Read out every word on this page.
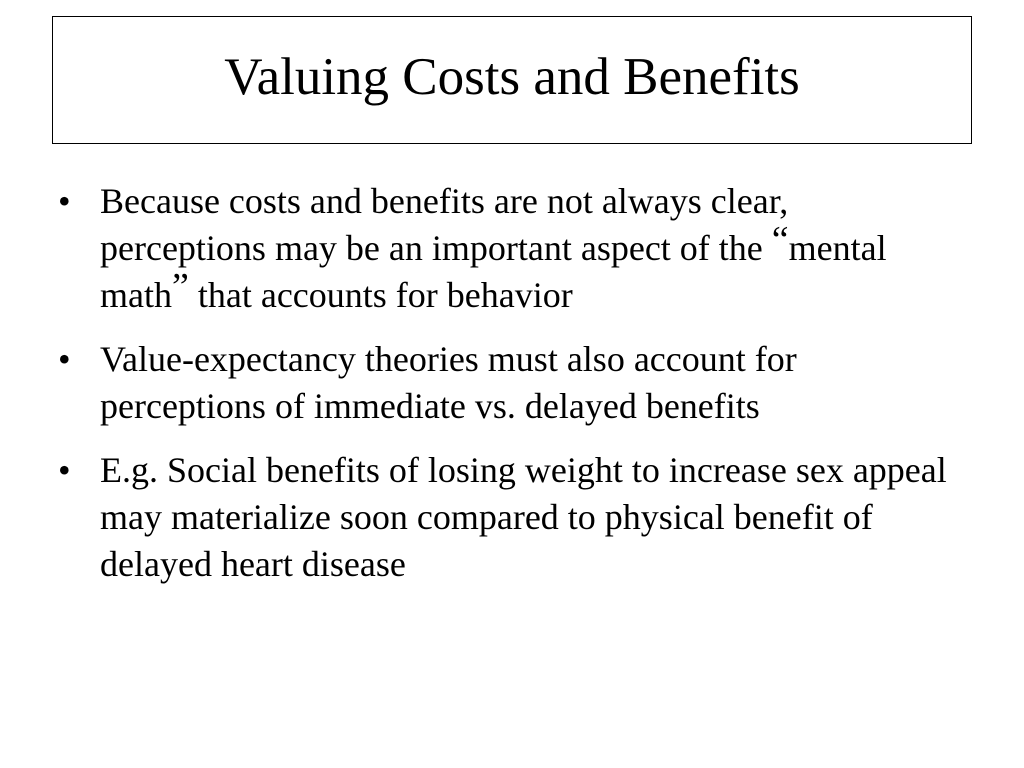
Valuing Costs and Benefits
• Because costs and benefits are not always clear, perceptions may be an important aspect of the “mental math” that accounts for behavior
• Value-expectancy theories must also account for perceptions of immediate vs. delayed benefits
• E.g. Social benefits of losing weight to increase sex appeal may materialize soon compared to physical benefit of delayed heart disease
